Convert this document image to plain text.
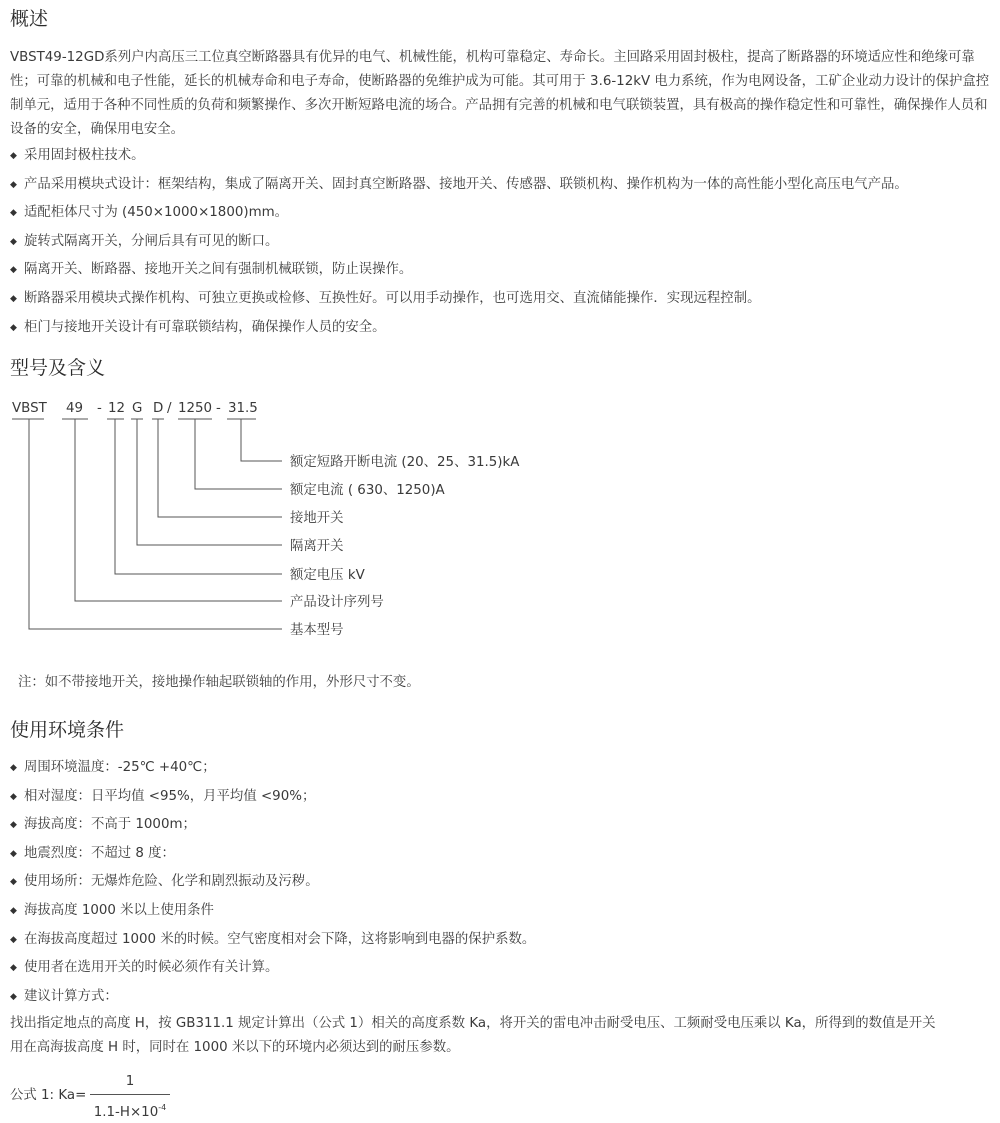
概述

VBST49-12GD系列户内高压三工位真空断路器具有优异的电气、机械性能，机构可靠稳定、寿命长。主回路采用固封极柱，提高了断路器的环境适应性和绝缘可靠性；可靠的机械和电子性能，延长的机械寿命和电子寿命，使断路器的免维护成为可能。其可用于 3.6-12kV 电力系统，作为电网设备，工矿企业动力设计的保护盒控制单元，适用于各种不同性质的负荷和频繁操作、多次开断短路电流的场合。产品拥有完善的机械和电气联锁装置，具有极高的操作稳定性和可靠性，确保操作人员和设备的安全，确保用电安全。

◆ 采用固封极柱技术。
◆ 产品采用模块式设计：框架结构，集成了隔离开关、固封真空断路器、接地开关、传感器、联锁机构、操作机构为一体的高性能小型化高压电气产品。
◆ 适配柜体尺寸为 (450×1000×1800)mm。
◆ 旋转式隔离开关，分闸后具有可见的断口。
◆ 隔离开关、断路器、接地开关之间有强制机械联锁，防止误操作。
◆ 断路器采用模块式操作机构、可独立更换或检修、互换性好。可以用手动操作，也可选用交、直流储能操作．实现远程控制。
◆ 柜门与接地开关设计有可靠联锁结构，确保操作人员的安全。
型号及含义
VBST 49 - 12 G D / 1250 - 31.5
额定短路开断电流 (20、25、31.5)kA
额定电流 ( 630、1250)A
接地开关
隔离开关
额定电压 kV
产品设计序列号
基本型号

注：如不带接地开关，接地操作轴起联锁轴的作用，外形尺寸不变。

使用环境条件
◆ 周围环境温度：-25℃ +40℃；
◆ 相对湿度：日平均值 <95%，月平均值 <90%；
◆ 海拔高度：不高于 1000m；
◆ 地震烈度：不超过 8 度：
◆ 使用场所：无爆炸危险、化学和剧烈振动及污秽。
◆ 海拔高度 1000 米以上使用条件
◆ 在海拔高度超过 1000 米的时候。空气密度相对会下降，这将影响到电器的保护系数。
◆ 使用者在选用开关的时候必须作有关计算。
◆ 建议计算方式：

找出指定地点的高度 H，按 GB311.1 规定计算出（公式 1）相关的高度系数 Ka，将开关的雷电冲击耐受电压、工频耐受电压乘以 Ka，所得到的数值是开关用在高海拔高度 H 时，同时在 1000 米以下的环境内必须达到的耐压参数。

公式 1: Ka=
1
$1.1-H\times 10^{-4}$
